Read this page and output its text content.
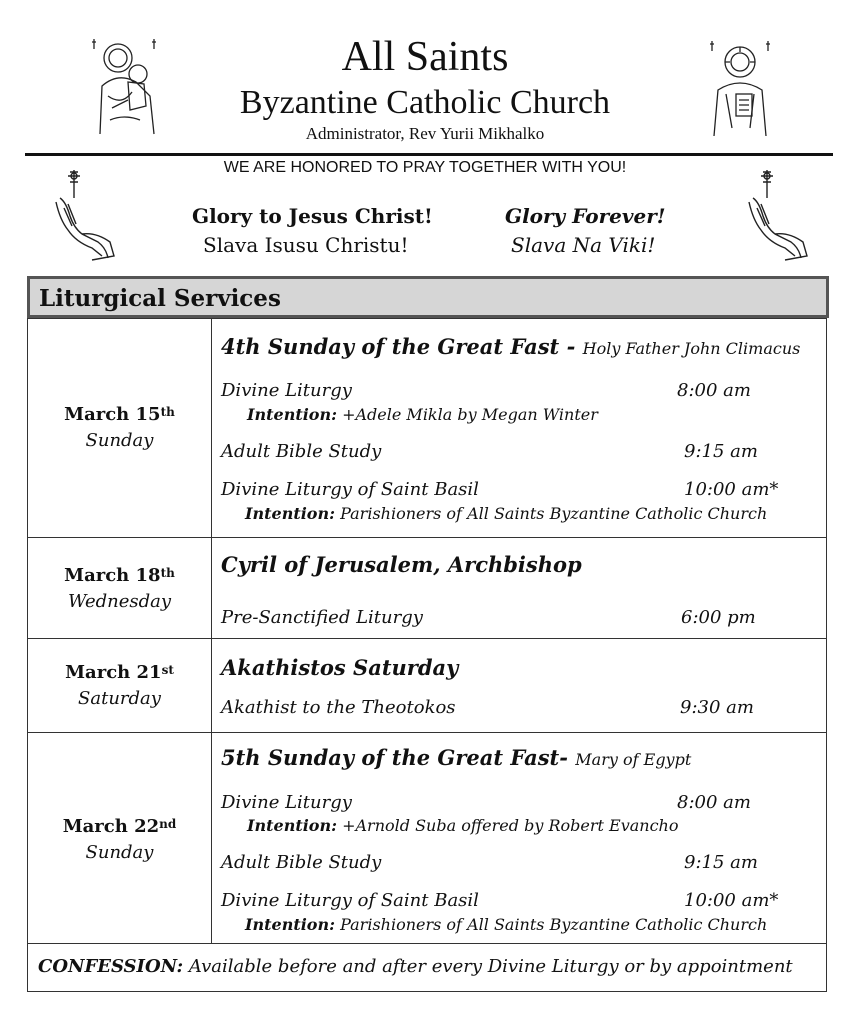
All Saints
Byzantine Catholic Church
Administrator, Rev Yurii Mikhalko
WE ARE HONORED TO PRAY TOGETHER WITH YOU!
Glory to Jesus Christ!
Slava Isusu Christu!
Glory Forever!
Slava Na Viki!
Liturgical Services
March 15th
Sunday
4th Sunday of the Great Fast - Holy Father John Climacus
Divine Liturgy	8:00 am
Intention: +Adele Mikla by Megan Winter
Adult Bible Study	9:15 am
Divine Liturgy of Saint Basil	10:00 am*
Intention: Parishioners of All Saints Byzantine Catholic Church
March 18th
Wednesday
Cyril of Jerusalem, Archbishop
Pre-Sanctified Liturgy	6:00 pm
March 21st
Saturday
Akathistos Saturday
Akathist to the Theotokos	9:30 am
March 22nd
Sunday
5th Sunday of the Great Fast- Mary of Egypt
Divine Liturgy	8:00 am
Intention: +Arnold Suba offered by Robert Evancho
Adult Bible Study	9:15 am
Divine Liturgy of Saint Basil	10:00 am*
Intention: Parishioners of All Saints Byzantine Catholic Church
CONFESSION: Available before and after every Divine Liturgy or by appointment
